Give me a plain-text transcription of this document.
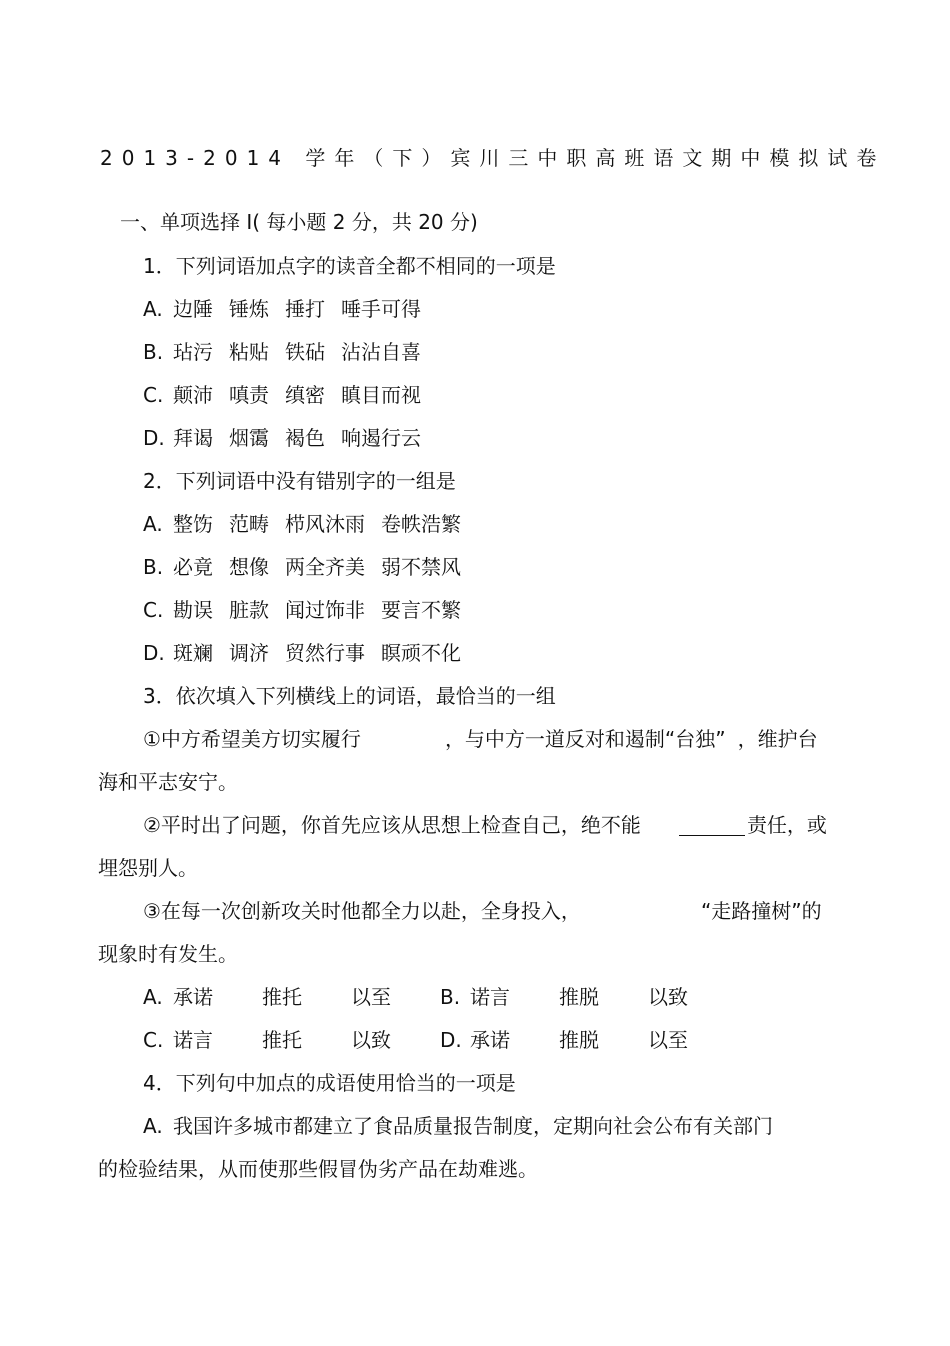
2013-2014 学年（下）宾川三中职高班语文期中模拟试卷
一、单项选择 I( 每小题 2 分，共 20 分)
1．下列词语加点字的读音全都不相同的一项是
A. 边陲 锤炼 捶打 唾手可得
B. 玷污 粘贴 铁砧 沾沾自喜
C. 颠沛 嗔责 缜密 瞋目而视
D. 拜谒 烟霭 褐色 响遏行云
2．下列词语中没有错别字的一组是
A. 整饬 范畴 栉风沐雨 卷帙浩繁
B. 必竟 想像 两全齐美 弱不禁风
C. 勘误 脏款 闻过饰非 要言不繁
D. 斑斓 调济 贸然行事 瞑顽不化
3．依次填入下列横线上的词语，最恰当的一组
①中方希望美方切实履行	，与中方一道反对和遏制“台独” ，维护台
海和平志安宁。
②平时出了问题，你首先应该从思想上检查自己，绝不能	责任，或
埋怨别人。
③在每一次创新攻关时他都全力以赴，全身投入，	“走路撞树”的
现象时有发生。
A. 承诺 推托 以至 B. 诺言 推脱 以致
C. 诺言 推托 以致 D. 承诺 推脱 以至
4．下列句中加点的成语使用恰当的一项是
A. 我国许多城市都建立了食品质量报告制度，定期向社会公布有关部门
的检验结果，从而使那些假冒伪劣产品在劫难逃。
